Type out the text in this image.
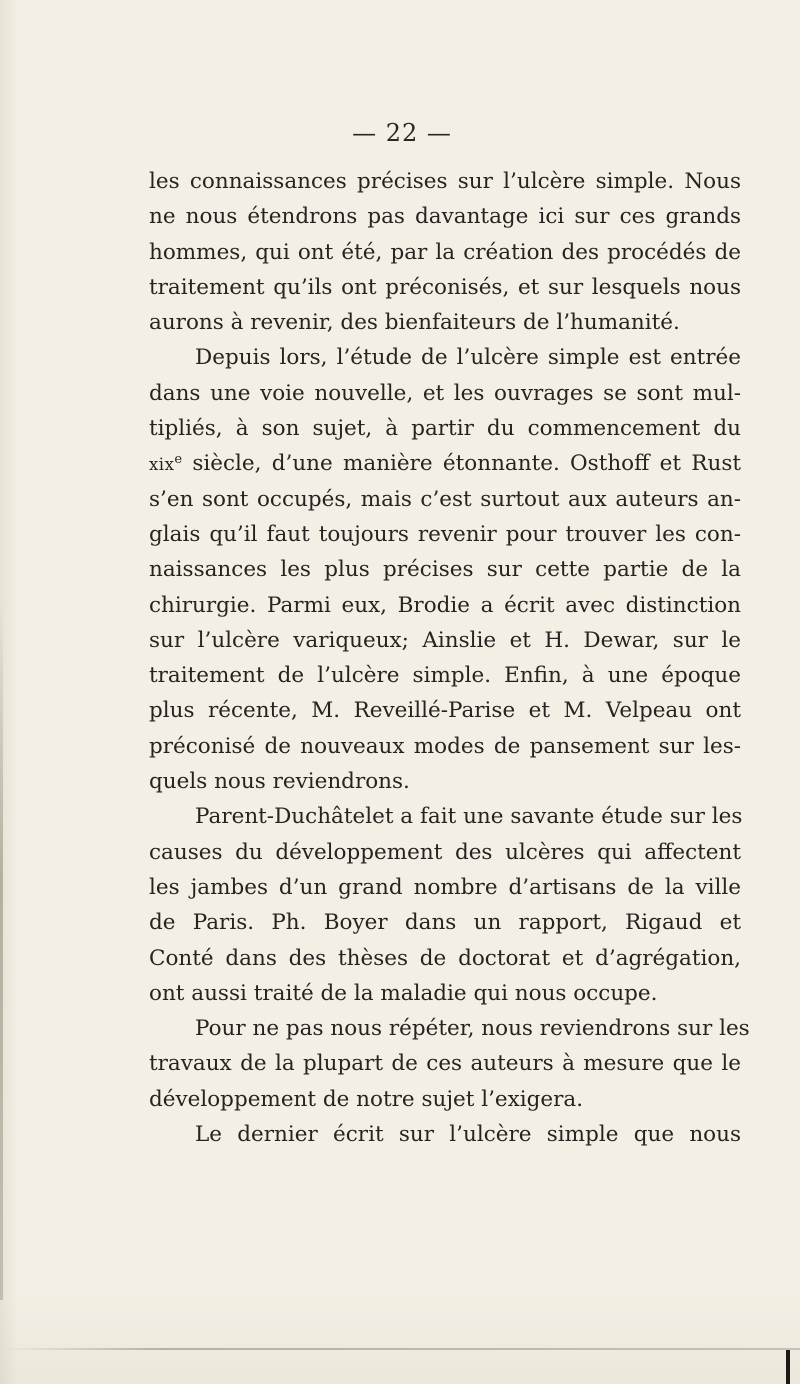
— 22 —
les connaissances précises sur l’ulcère simple. Nous
ne nous étendrons pas davantage ici sur ces grands
hommes, qui ont été, par la création des procédés de
traitement qu’ils ont préconisés, et sur lesquels nous
aurons à revenir, des bienfaiteurs de l’humanité.
Depuis lors, l’étude de l’ulcère simple est entrée
dans une voie nouvelle, et les ouvrages se sont mul-
tipliés, à son sujet, à partir du commencement du
xix$^e$ siècle, d’une manière étonnante. Osthoff et Rust
s’en sont occupés, mais c’est surtout aux auteurs an-
glais qu’il faut toujours revenir pour trouver les con-
naissances les plus précises sur cette partie de la
chirurgie. Parmi eux, Brodie a écrit avec distinction
sur l’ulcère variqueux; Ainslie et H. Dewar, sur le
traitement de l’ulcère simple. Enfin, à une époque
plus récente, M. Reveillé-Parise et M. Velpeau ont
préconisé de nouveaux modes de pansement sur les-
quels nous reviendrons.
Parent-Duchâtelet a fait une savante étude sur les
causes du développement des ulcères qui affectent
les jambes d’un grand nombre d’artisans de la ville
de Paris. Ph. Boyer dans un rapport, Rigaud et
Conté dans des thèses de doctorat et d’agrégation,
ont aussi traité de la maladie qui nous occupe.
Pour ne pas nous répéter, nous reviendrons sur les
travaux de la plupart de ces auteurs à mesure que le
développement de notre sujet l’exigera.
Le dernier écrit sur l’ulcère simple que nous
